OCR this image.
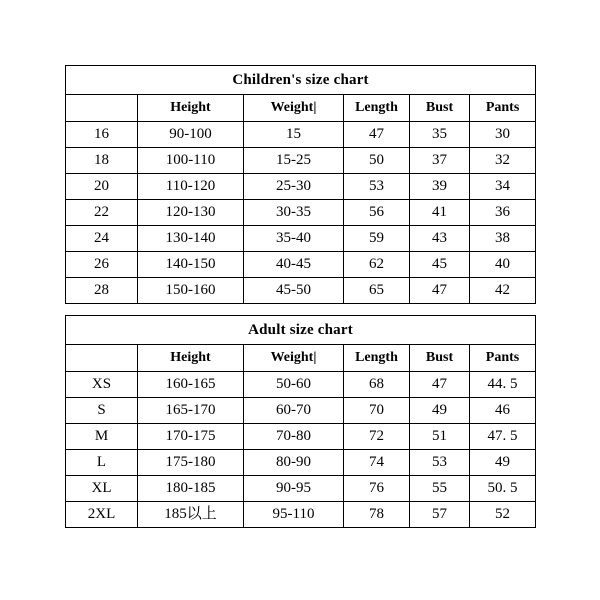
Children's size chart					
	Height	Weight|	Length	Bust	Pants
16	90-100	15	47	35	30
18	100-110	15-25	50	37	32
20	110-120	25-30	53	39	34
22	120-130	30-35	56	41	36
24	130-140	35-40	59	43	38
26	140-150	40-45	62	45	40
28	150-160	45-50	65	47	42
Adult size chart					
	Height	Weight|	Length	Bust	Pants
XS	160-165	50-60	68	47	44. 5
S	165-170	60-70	70	49	46
M	170-175	70-80	72	51	47. 5
L	175-180	80-90	74	53	49
XL	180-185	90-95	76	55	50. 5
2XL	185以上	95-110	78	57	52
